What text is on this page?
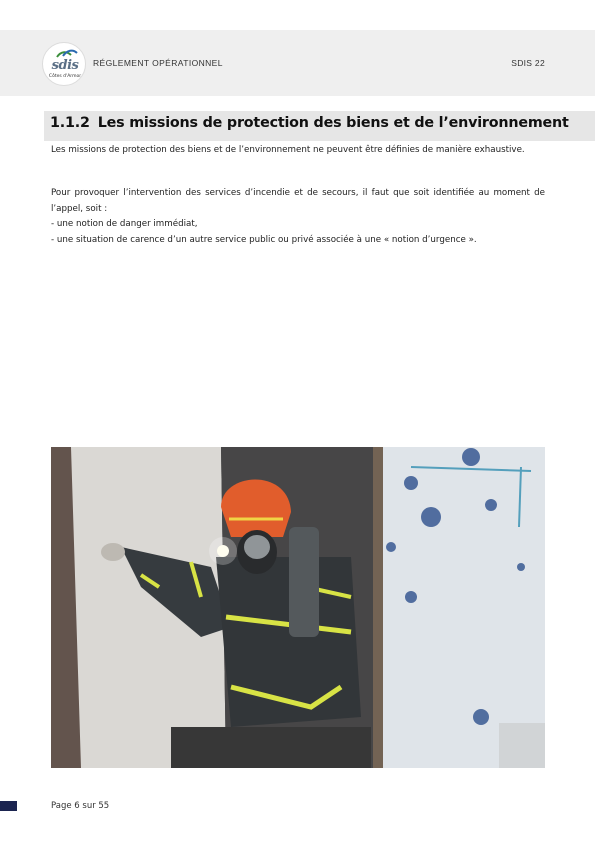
sdis
Côtes d'Armor
RÉGLEMENT OPÉRATIONNEL	SDIS 22
1.1.2 Les missions de protection des biens et de l’environnement
Les missions de protection des biens et de l’environnement ne peuvent être définies de manière exhaustive.
Pour provoquer l’intervention des services d’incendie et de secours, il faut que soit identifiée au moment de l’appel, soit :
- une notion de danger immédiat,
- une situation de carence d’un autre service public ou privé associée à une « notion d’urgence ».
Page 6 sur 55
